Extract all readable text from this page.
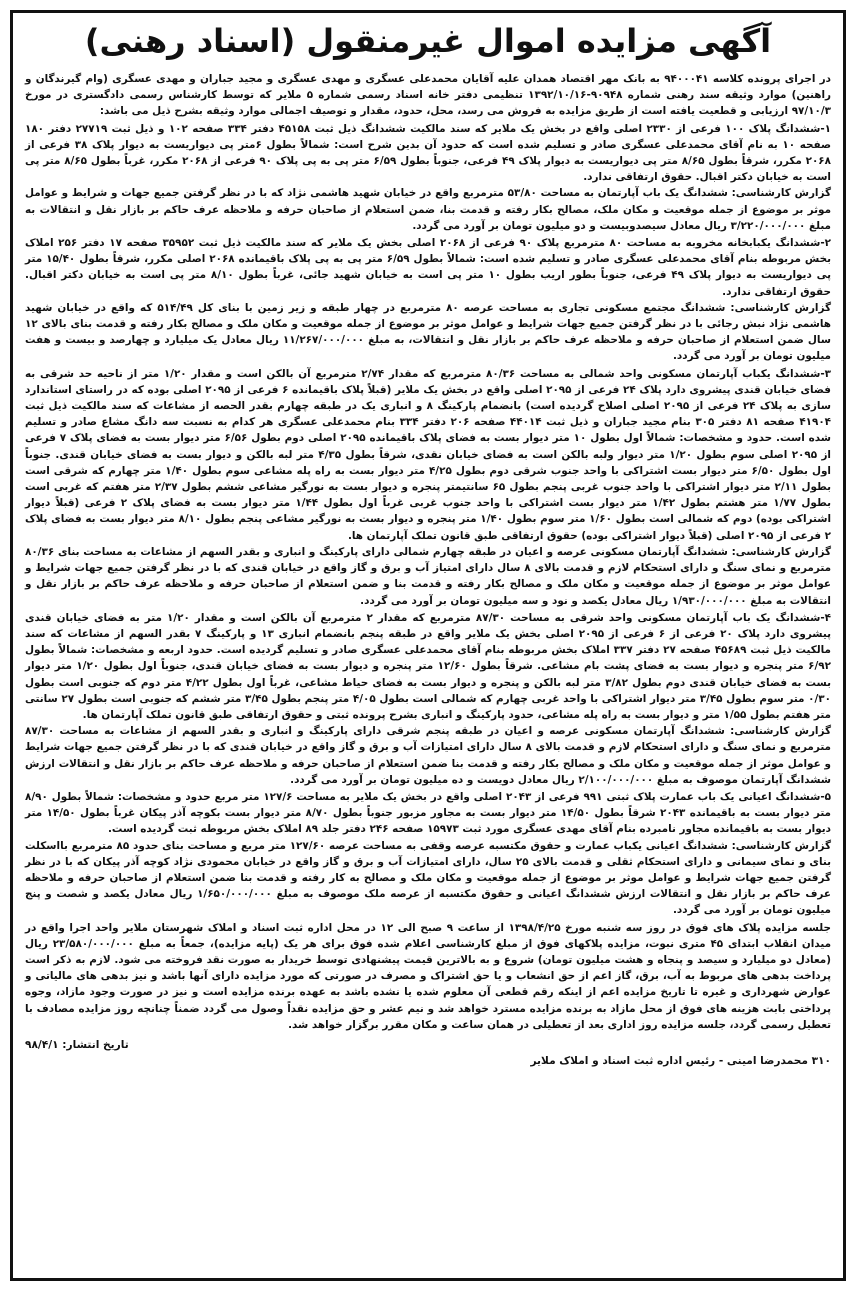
آگهی مزایده اموال غیرمنقول (اسناد رهنی)

در اجرای پرونده کلاسه ۹۴۰۰۰۴۱ به بانک مهر اقتصاد همدان علیه آقایان محمدعلی عسگری و مهدی عسگری و مجید جباران و مهدی عسگری (وام گیرندگان و راهنین) موارد وثیقه سند رهنی شماره ۹۰۹۴۸-۱۳۹۲/۱۰/۱۶ تنظیمی دفتر خانه اسناد رسمی شماره ۵ ملایر که توسط کارشناس رسمی دادگستری در مورخ ۹۷/۱۰/۳ ارزیابی و قطعیت یافته است از طریق مزایده به فروش می رسد، محل، حدود، مقدار و توصیف اجمالی موارد وثیقه بشرح ذیل می باشد:

۱-ششدانگ پلاک ۱۰۰ فرعی از ۲۳۳۰ اصلی واقع در بخش یک ملایر که سند مالکیت ششدانگ ذیل ثبت ۴۵۱۵۸ دفتر ۳۳۴ صفحه ۱۰۲ و ذیل ثبت ۲۷۷۱۹ دفتر ۱۸۰ صفحه ۱۰ به نام آقای محمدعلی عسگری صادر و تسلیم شده است که حدود آن بدین شرح است: شمالاً بطول ۶متر پی دیواریست به دیوار پلاک ۳۸ فرعی از ۲۰۶۸ مکرر، شرقاً بطول ۸/۶۵ متر پی دیواریست به دیوار پلاک ۴۹ فرعی، جنوباً بطول ۶/۵۹ متر پی به پی پلاک ۹۰ فرعی از ۲۰۶۸ مکرر، غرباً بطول ۸/۶۵ متر پی است به خیابان دکتر اقبال. حقوق ارتفاقی ندارد.

گزارش کارشناسی: ششدانگ یک باب آپارتمان به مساحت ۵۳/۸۰ مترمربع واقع در خیابان شهید هاشمی نژاد که با در نظر گرفتن جمیع جهات و شرایط و عوامل موثر بر موضوع از جمله موقعیت و مکان ملک، مصالح بکار رفته و قدمت بنا، ضمن استعلام از صاحبان حرفه و ملاحظه عرف حاکم بر بازار نقل و انتقالات به مبلغ ۳/۲۲۰/۰۰۰/۰۰۰ ریال معادل سیصدوبیست و دو میلیون تومان بر آورد می گردد.

۲-ششدانگ یکبابخانه مخروبه به مساحت ۸۰ مترمربع پلاک ۹۰ فرعی از ۲۰۶۸ اصلی بخش یک ملایر که سند مالکیت ذیل ثبت ۳۵۹۵۲ صفحه ۱۷ دفتر ۲۵۶ املاک بخش مربوطه بنام آقای محمدعلی عسگری صادر و تسلیم شده است: شمالاً بطول ۶/۵۹ متر پی به پی پلاک باقیمانده ۲۰۶۸ اصلی مکرر، شرقاً بطول ۱۵/۴۰ متر پی دیواریست به دیوار پلاک ۴۹ فرعی، جنوباً بطور اریب بطول ۱۰ متر پی است به خیابان شهید جائی، غرباً بطول ۸/۱۰ متر پی است به خیابان دکتر اقبال. حقوق ارتفاقی ندارد.

گزارش کارشناسی: ششدانگ مجتمع مسکونی تجاری به مساحت عرصه ۸۰ مترمربع در چهار طبقه و زیر زمین با بنای کل ۵۱۴/۴۹ که واقع در خیابان شهید هاشمی نژاد نبش رجائی با در نظر گرفتن جمیع جهات شرایط و عوامل موثر بر موضوع از جمله موقعیت و مکان ملک و مصالح بکار رفته و قدمت بنای بالای ۱۲ سال ضمن استعلام از صاحبان حرفه و ملاحظه عرف حاکم بر بازار نقل و انتقالات، به مبلغ ۱۱/۲۶۷/۰۰۰/۰۰۰ ریال معادل یک میلیارد و چهارصد و بیست و هفت میلیون تومان بر آورد می گردد.

۳-ششدانگ یکباب آپارتمان مسکونی واحد شمالی به مساحت ۸۰/۳۶ مترمربع که مقدار ۲/۷۴ مترمربع آن بالکن است و مقدار ۱/۲۰ متر از ناحیه حد شرقی به فضای خیابان قندی پیشروی دارد پلاک ۲۴ فرعی از ۲۰۹۵ اصلی واقع در بخش یک ملایر (قبلاً پلاک باقیمانده ۶ فرعی از ۲۰۹۵ اصلی بوده که در راستای استاندارد سازی به پلاک ۲۴ فرعی از ۲۰۹۵ اصلی اصلاح گردیده است) بانضمام پارکینگ ۸ و انباری یک در طبقه چهارم بقدر الحصه از مشاعات که سند مالکیت ذیل ثبت ۴۱۹۰۴ صفحه ۸۱ دفتر ۳۰۵ بنام مجید جباران و ذیل ثبت ۴۴۰۱۴ صفحه ۲۰۶ دفتر ۳۳۴ بنام محمدعلی عسگری هر کدام به نسبت سه دانگ مشاع صادر و تسلیم شده است. حدود و مشخصات: شمالاً اول بطول ۱۰ متر دیوار بست به فضای پلاک باقیمانده ۲۰۹۵ اصلی دوم بطول ۶/۵۶ متر دیوار بست به فضای پلاک ۷ فرعی از ۲۰۹۵ اصلی سوم بطول ۱/۲۰ متر دیوار ولبه بالکن است به فضای خیابان نقدی، شرقاً بطول ۴/۳۵ متر لبه بالکن و دیوار بست به فضای خیابان قندی. جنوباً اول بطول ۶/۵۰ متر دیوار بست اشتراکی با واحد جنوب شرقی دوم بطول ۴/۲۵ متر دیوار بست به راه پله مشاعی سوم بطول ۱/۴۰ متر چهارم که شرقی است بطول ۲/۱۱ متر دیوار اشتراکی با واحد جنوب غربی پنجم بطول ۶۵ سانتیمتر پنجره و دیوار بست به نورگیر مشاعی ششم بطول ۲/۳۷ متر هفتم که غربی است بطول ۱/۷۷ متر هشتم بطول ۱/۴۲ متر دیوار بست اشتراکی با واحد جنوب غربی غرباً اول بطول ۱/۴۴ متر دیوار بست به فضای پلاک ۲ فرعی (قبلاً دیوار اشتراکی بوده) دوم که شمالی است بطول ۱/۶۰ متر سوم بطول ۱/۴۰ متر پنجره و دیوار بست به نورگیر مشاعی پنجم بطول ۸/۱۰ متر دیوار بست به فضای پلاک ۲ فرعی از ۲۰۹۵ اصلی (قبلاً دیوار اشتراکی بوده) حقوق ارتفاقی طبق قانون تملک آپارتمان ها.

گزارش کارشناسی: ششدانگ آپارتمان مسکونی عرصه و اعیان در طبقه چهارم شمالی دارای پارکینگ و انباری و بقدر السهم از مشاعات به مساحت بنای ۸۰/۳۶ مترمربع و نمای سنگ و دارای استحکام لازم و قدمت بالای ۸ سال دارای امتیاز آب و برق و گاز واقع در خیابان قندی که با در نظر گرفتن جمیع جهات شرایط و عوامل موثر بر موضوع از جمله موقعیت و مکان ملک و مصالح بکار رفته و قدمت بنا و ضمن استعلام از صاحبان حرفه و ملاحظه عرف حاکم بر بازار نقل و انتقالات به مبلغ ۱/۹۳۰/۰۰۰/۰۰۰ ریال معادل یکصد و نود و سه میلیون تومان بر آورد می گردد.

۴-ششدانگ یک باب آپارتمان مسکونی واحد شرقی به مساحت ۸۷/۳۰ مترمربع که مقدار ۲ مترمربع آن بالکن است و مقدار ۱/۲۰ متر به فضای خیابان قندی پیشروی دارد پلاک ۲۰ فرعی از ۶ فرعی از ۲۰۹۵ اصلی بخش یک ملایر واقع در طبقه پنجم بانضمام انباری ۱۳ و پارکینگ ۷ بقدر السهم از مشاعات که سند مالکیت ذیل ثبت ۴۵۶۸۹ صفحه ۲۷ دفتر ۳۳۷ املاک بخش مربوطه بنام آقای محمدعلی عسگری صادر و تسلیم گردیده است. حدود اربعه و مشخصات: شمالاً بطول ۶/۹۲ متر پنجره و دیوار بست به فضای پشت بام مشاعی. شرقاً بطول ۱۲/۶۰ متر پنجره و دیوار بست به فضای خیابان قندی، جنوباً اول بطول ۱/۲۰ متر دیوار بست به فضای خیابان قندی دوم بطول ۳/۸۲ متر لبه بالکن و پنجره و دیوار بست به فضای حیاط مشاعی، غرباً اول بطول ۴/۲۲ متر دوم که جنوبی است بطول ۰/۳۰ متر سوم بطول ۳/۴۵ متر دیوار اشتراکی با واحد غربی چهارم که شمالی است بطول ۴/۰۵ متر پنجم بطول ۳/۴۵ متر ششم که جنوبی است بطول ۲۷ سانتی متر هفتم بطول ۱/۵۵ متر و دیوار بست به راه پله مشاعی، حدود پارکینگ و انباری بشرح پرونده ثبتی و حقوق ارتفاقی طبق قانون تملک آپارتمان ها.

گزارش کارشناسی: ششدانگ آپارتمان مسکونی عرصه و اعیان در طبقه پنجم شرقی دارای پارکینگ و انباری و بقدر السهم از مشاعات به مساحت ۸۷/۳۰ مترمربع و نمای سنگ و دارای استحکام لازم و قدمت بالای ۸ سال دارای امتیازات آب و برق و گاز واقع در خیابان قندی که با در نظر گرفتن جمیع جهات شرایط و عوامل موثر از جمله موقعیت و مکان ملک و مصالح بکار رفته و قدمت بنا ضمن استعلام از صاحبان حرفه و ملاحظه عرف حاکم بر بازار نقل و انتقالات ارزش ششدانگ آپارتمان موصوف به مبلغ ۲/۱۰۰/۰۰۰/۰۰۰ ریال معادل دویست و ده میلیون تومان بر آورد می گردد.

۵-ششدانگ اعیانی یک باب عمارت پلاک ثبتی ۹۹۱ فرعی از ۲۰۴۳ اصلی واقع در بخش یک ملایر به مساحت ۱۲۷/۶ متر مربع حدود و مشخصات: شمالاً بطول ۸/۹۰ متر دیوار بست به باقیمانده ۲۰۴۳ شرقاً بطول ۱۴/۵۰ متر دیوار بست به مجاور مزبور جنوباً بطول ۸/۷۰ متر دیوار بست بکوچه آذر پیکان غرباً بطول ۱۴/۵۰ متر دیوار بست به باقیمانده مجاور نامبرده بنام آقای مهدی عسگری مورد ثبت ۱۵۹۷۳ صفحه ۲۴۶ دفتر جلد ۸۹ املاک بخش مربوطه ثبت گردیده است.

گزارش کارشناسی: ششدانگ اعیانی یکباب عمارت و حقوق مکتسبه عرصه وقفی به مساحت عرصه ۱۲۷/۶۰ متر مربع و مساحت بنای حدود ۸۵ مترمربع بااسکلت بنای و نمای سیمانی و دارای استحکام ثقلی و قدمت بالای ۲۵ سال، دارای امتیازات آب و برق و گاز واقع در خیابان محمودی نژاد کوچه آذر پیکان که با در نظر گرفتن جمیع جهات شرایط و عوامل موثر بر موضوع از جمله موقعیت و مکان ملک و مصالح به کار رفته و قدمت بنا ضمن استعلام از صاحبان حرفه و ملاحظه عرف حاکم بر بازار نقل و انتقالات ارزش ششدانگ اعیانی و حقوق مکتسبه از عرصه ملک موصوف به مبلغ ۱/۶۵۰/۰۰۰/۰۰۰ ریال معادل یکصد و شصت و پنج میلیون تومان بر آورد می گردد.

جلسه مزایده پلاک های فوق در روز سه شنبه مورخ ۱۳۹۸/۴/۲۵ از ساعت ۹ صبح الی ۱۲ در محل اداره ثبت اسناد و املاک شهرستان ملایر واحد اجرا واقع در میدان انقلاب ابتدای ۴۵ متری نبوت، مزایده پلاکهای فوق از مبلغ کارشناسی اعلام شده فوق برای هر یک (پایه مزایده)، جمعاً به مبلغ ۲۳/۵۸۰/۰۰۰/۰۰۰ ریال (معادل دو میلیارد و سیصد و پنجاه و هشت میلیون تومان) شروع و به بالاترین قیمت پیشنهادی توسط خریدار به صورت نقد فروخته می شود. لازم به ذکر است پرداخت بدهی های مربوط به آب، برق، گاز اعم از حق انشعاب و یا حق اشتراک و مصرف در صورتی که مورد مزایده دارای آنها باشد و نیز بدهی های مالیاتی و عوارض شهرداری و غیره تا تاریخ مزایده اعم از اینکه رقم قطعی آن معلوم شده یا نشده باشد به عهده برنده مزایده است و نیز در صورت وجود مازاد، وجوه پرداختی بابت هزینه های فوق از محل مازاد به برنده مزایده مسترد خواهد شد و نیم عشر و حق مزایده نقداً وصول می گردد ضمناً چنانچه روز مزایده مصادف با تعطیل رسمی گردد، جلسه مزایده روز اداری بعد از تعطیلی در همان ساعت و مکان مقرر برگزار خواهد شد.

تاریخ انتشار: ۹۸/۴/۱
۳۱۰ محمدرضا امینی - رئیس اداره ثبت اسناد و املاک ملایر
